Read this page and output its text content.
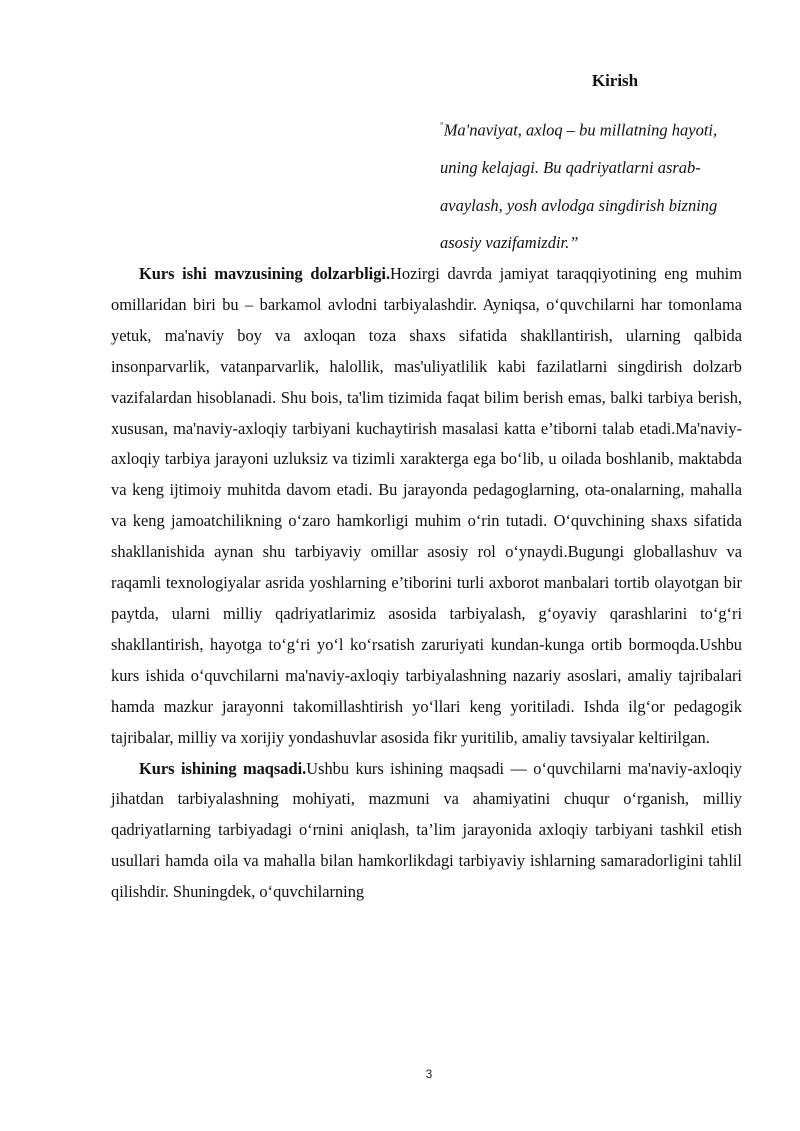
Kirish
"Ma'naviyat, axloq – bu millatning hayoti, uning kelajagi. Bu qadriyatlarni asrab-avaylash, yosh avlodga singdirish bizning asosiy vazifamizdir.”

Kurs ishi mavzusining dolzarbligi.Hozirgi davrda jamiyat taraqqiyotining eng muhim omillaridan biri bu – barkamol avlodni tarbiyalashdir. Ayniqsa, o‘quvchilarni har tomonlama yetuk, ma'naviy boy va axloqan toza shaxs sifatida shakllantirish, ularning qalbida insonparvarlik, vatanparvarlik, halollik, mas'uliyatlilik kabi fazilatlarni singdirish dolzarb vazifalardan hisoblanadi. Shu bois, ta'lim tizimida faqat bilim berish emas, balki tarbiya berish, xususan, ma'naviy-axloqiy tarbiyani kuchaytirish masalasi katta e’tiborni talab etadi.Ma'naviy-axloqiy tarbiya jarayoni uzluksiz va tizimli xarakterga ega bo‘lib, u oilada boshlanib, maktabda va keng ijtimoiy muhitda davom etadi. Bu jarayonda pedagoglarning, ota-onalarning, mahalla va keng jamoatchilikning o‘zaro hamkorligi muhim o‘rin tutadi. O‘quvchining shaxs sifatida shakllanishida aynan shu tarbiyaviy omillar asosiy rol o‘ynaydi.Bugungi globallashuv va raqamli texnologiyalar asrida yoshlarning e’tiborini turli axborot manbalari tortib olayotgan bir paytda, ularni milliy qadriyatlarimiz asosida tarbiyalash, g‘oyaviy qarashlarini to‘g‘ri shakllantirish, hayotga to‘g‘ri yo‘l ko‘rsatish zaruriyati kundan-kunga ortib bormoqda.Ushbu kurs ishida o‘quvchilarni ma'naviy-axloqiy tarbiyalashning nazariy asoslari, amaliy tajribalari hamda mazkur jarayonni takomillashtirish yo‘llari keng yoritiladi. Ishda ilg‘or pedagogik tajribalar, milliy va xorijiy yondashuvlar asosida fikr yuritilib, amaliy tavsiyalar keltirilgan.

Kurs ishining maqsadi.Ushbu kurs ishining maqsadi — o‘quvchilarni ma'naviy-axloqiy jihatdan tarbiyalashning mohiyati, mazmuni va ahamiyatini chuqur o‘rganish, milliy qadriyatlarning tarbiyadagi o‘rnini aniqlash, ta’lim jarayonida axloqiy tarbiyani tashkil etish usullari hamda oila va mahalla bilan hamkorlikdagi tarbiyaviy ishlarning samaradorligini tahlil qilishdir. Shuningdek, o‘quvchilarning

3
